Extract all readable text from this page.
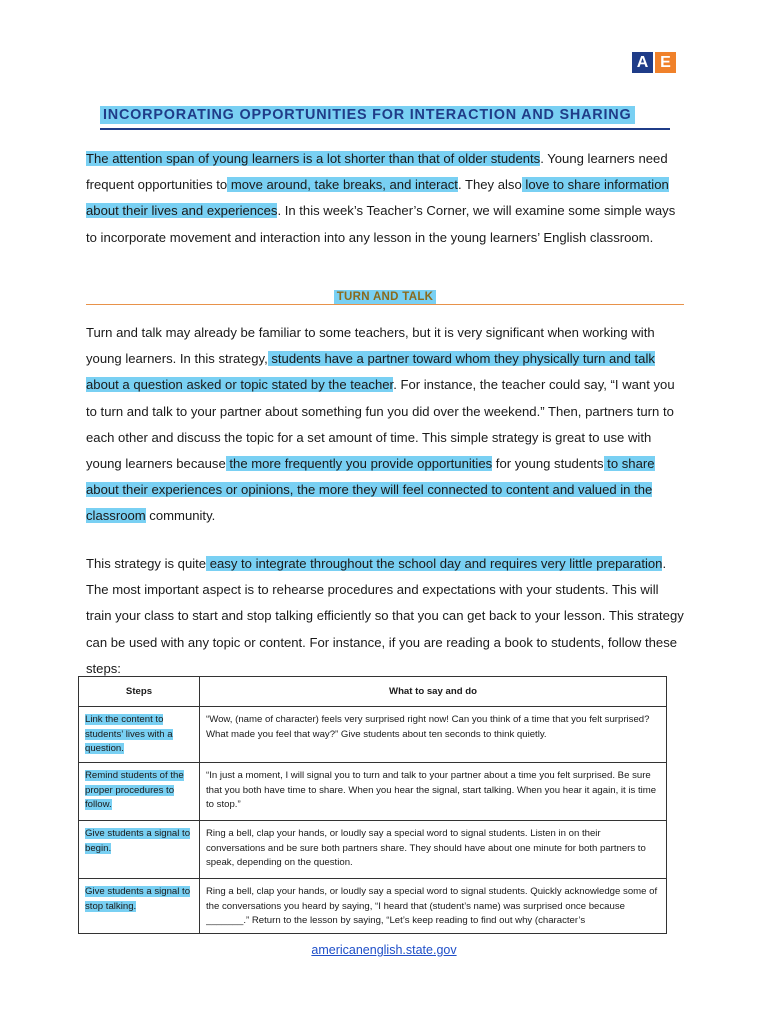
A E
INCORPORATING OPPORTUNITIES FOR INTERACTION AND SHARING

The attention span of young learners is a lot shorter than that of older students. Young learners need frequent opportunities to move around, take breaks, and interact. They also love to share information about their lives and experiences. In this week’s Teacher’s Corner, we will examine some simple ways to incorporate movement and interaction into any lesson in the young learners’ English classroom.

TURN AND TALK

Turn and talk may already be familiar to some teachers, but it is very significant when working with young learners. In this strategy, students have a partner toward whom they physically turn and talk about a question asked or topic stated by the teacher. For instance, the teacher could say, “I want you to turn and talk to your partner about something fun you did over the weekend.” Then, partners turn to each other and discuss the topic for a set amount of time. This simple strategy is great to use with young learners because the more frequently you provide opportunities for young students to share about their experiences or opinions, the more they will feel connected to content and valued in the classroom community.

This strategy is quite easy to integrate throughout the school day and requires very little preparation. The most important aspect is to rehearse procedures and expectations with your students. This will train your class to start and stop talking efficiently so that you can get back to your lesson. This strategy can be used with any topic or content. For instance, if you are reading a book to students, follow these steps:

Steps	What to say and do
Link the content to students’ lives with a question.	“Wow, (name of character) feels very surprised right now! Can you think of a time that you felt surprised? What made you feel that way?” Give students about ten seconds to think quietly.
Remind students of the proper procedures to follow.	“In just a moment, I will signal you to turn and talk to your partner about a time you felt surprised. Be sure that you both have time to share. When you hear the signal, start talking. When you hear it again, it is time to stop.”
Give students a signal to begin.	Ring a bell, clap your hands, or loudly say a special word to signal students. Listen in on their conversations and be sure both partners share. They should have about one minute for both partners to speak, depending on the question.
Give students a signal to stop talking.	Ring a bell, clap your hands, or loudly say a special word to signal students. Quickly acknowledge some of the conversations you heard by saying, “I heard that (student’s name) was surprised once because _______.” Return to the lesson by saying, “Let’s keep reading to find out why (character’s
americanenglish.state.gov
